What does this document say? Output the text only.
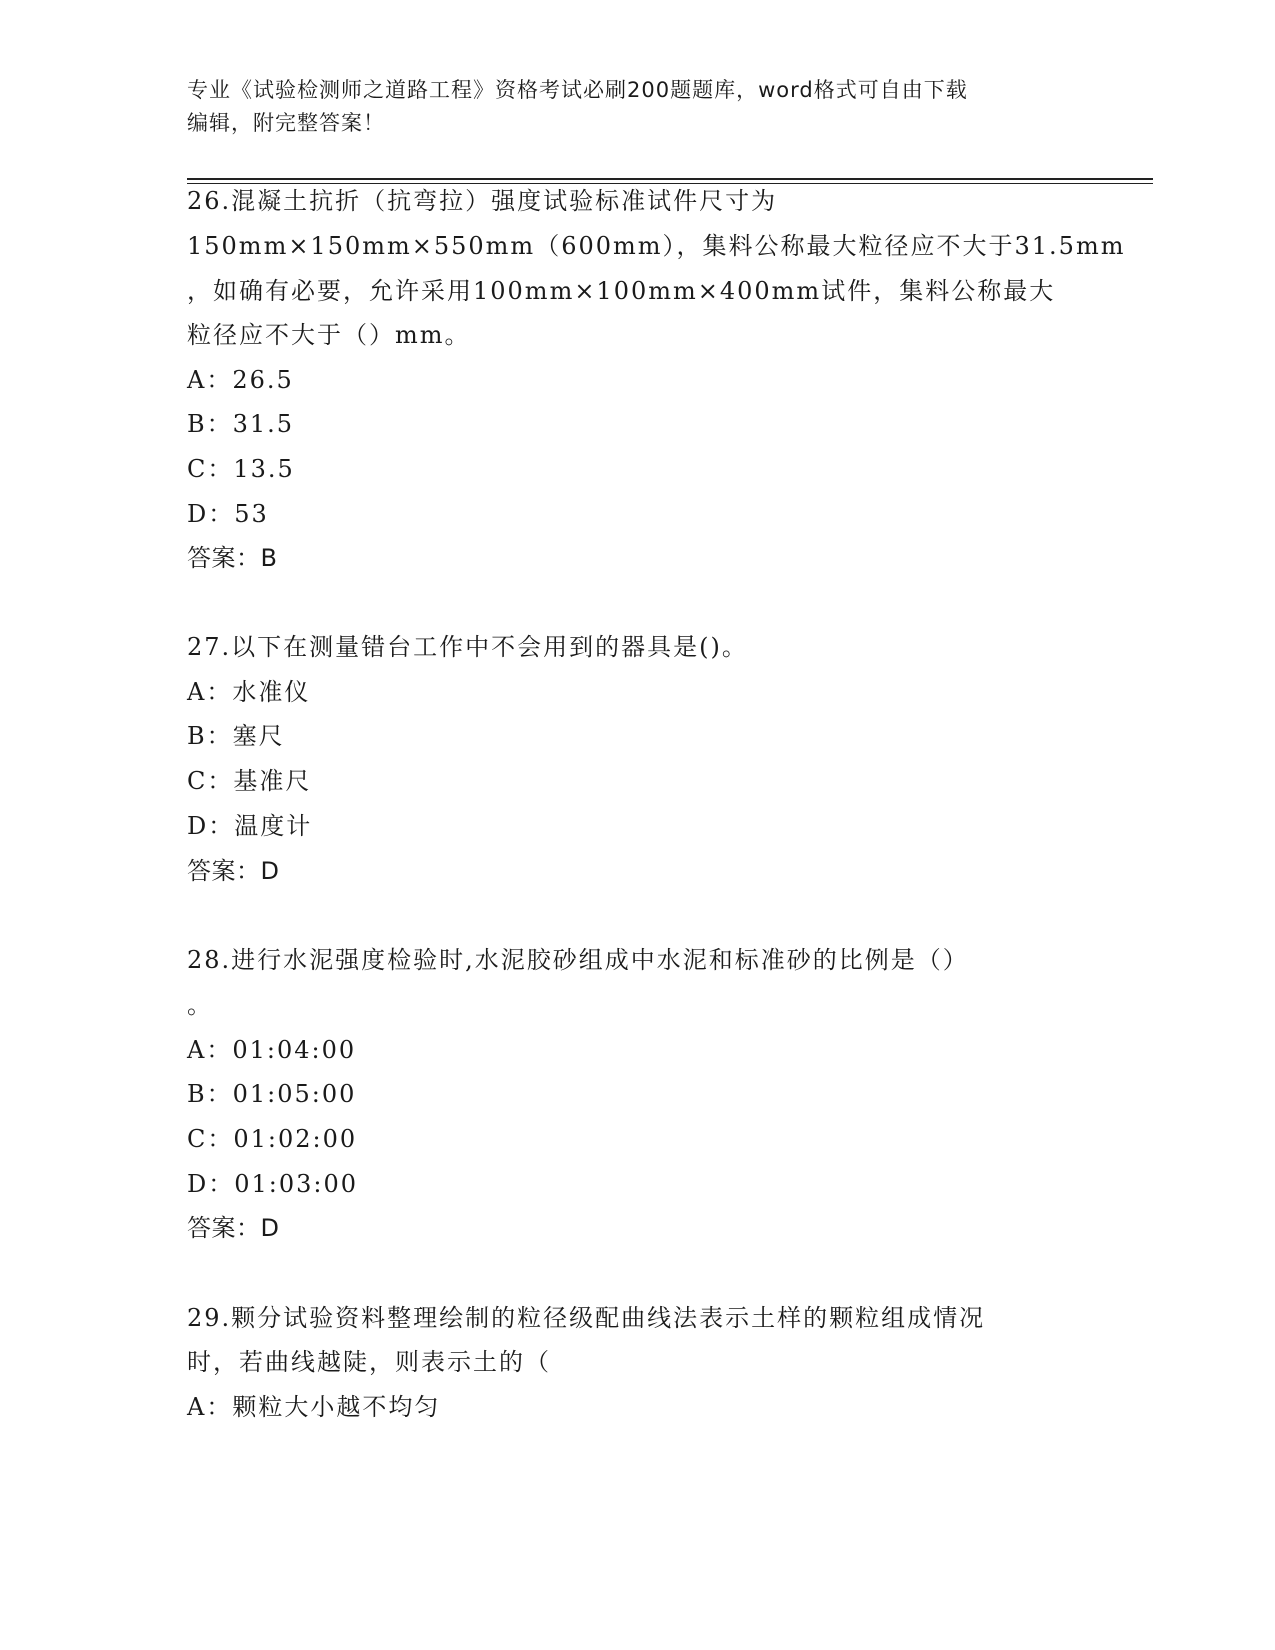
专业《试验检测师之道路工程》资格考试必刷200题题库，word格式可自由下载
编辑，附完整答案！

26.混凝土抗折（抗弯拉）强度试验标准试件尺寸为

150mm×150mm×550mm（600mm），集料公称最大粒径应不大于31.5mm

，如确有必要，允许采用100mm×100mm×400mm试件，集料公称最大

粒径应不大于（）mm。

A：26.5

B：31.5

C：13.5

D：53

答案：B

27.以下在测量错台工作中不会用到的器具是()。

A：水准仪

B：塞尺

C：基准尺

D：温度计

答案：D

28.进行水泥强度检验时,水泥胶砂组成中水泥和标准砂的比例是（）

。

A：01:04:00

B：01:05:00

C：01:02:00

D：01:03:00

答案：D

29.颗分试验资料整理绘制的粒径级配曲线法表示土样的颗粒组成情况

时，若曲线越陡，则表示土的（

A：颗粒大小越不均匀
